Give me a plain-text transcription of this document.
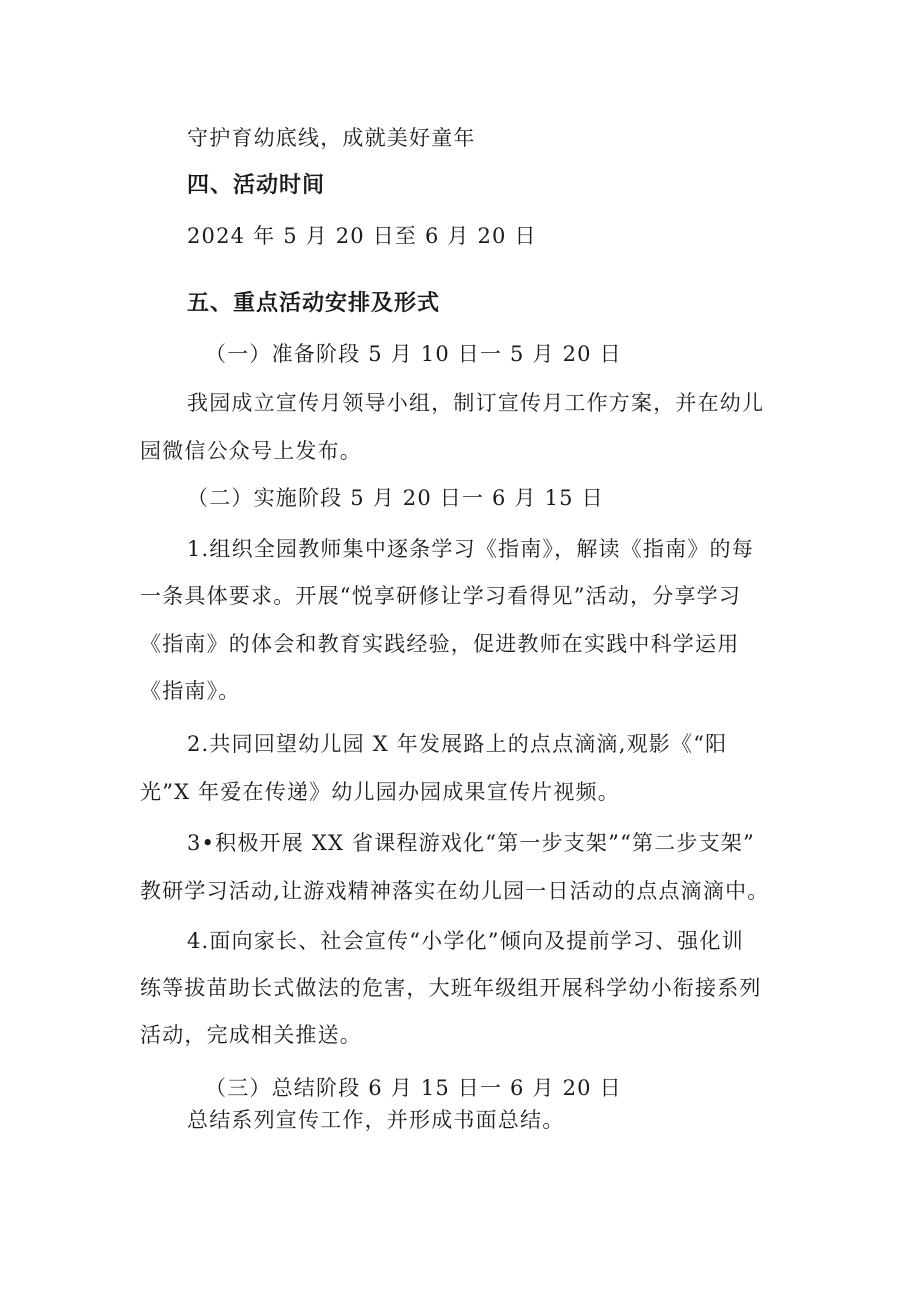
守护育幼底线，成就美好童年
四、活动时间
2024 年 5 月 20 日至 6 月 20 日
五、重点活动安排及形式
（一）准备阶段 5 月 10 日一 5 月 20 日
我园成立宣传月领导小组，制订宣传月工作方案，并在幼儿
园微信公众号上发布。
（二）实施阶段 5 月 20 日一 6 月 15 日
1.组织全园教师集中逐条学习《指南》，解读《指南》的每
一条具体要求。开展“悦享研修让学习看得见”活动，分享学习
《指南》的体会和教育实践经验，促进教师在实践中科学运用
《指南》。
2.共同回望幼儿园 X 年发展路上的点点滴滴,观影《“阳
光”X 年爱在传递》幼儿园办园成果宣传片视频。
3•积极开展 XX 省课程游戏化“第一步支架”“第二步支架”
教研学习活动,让游戏精神落实在幼儿园一日活动的点点滴滴中。
4.面向家长、社会宣传“小学化”倾向及提前学习、强化训
练等拔苗助长式做法的危害，大班年级组开展科学幼小衔接系列
活动，完成相关推送。
（三）总结阶段 6 月 15 日一 6 月 20 日
总结系列宣传工作，并形成书面总结。
